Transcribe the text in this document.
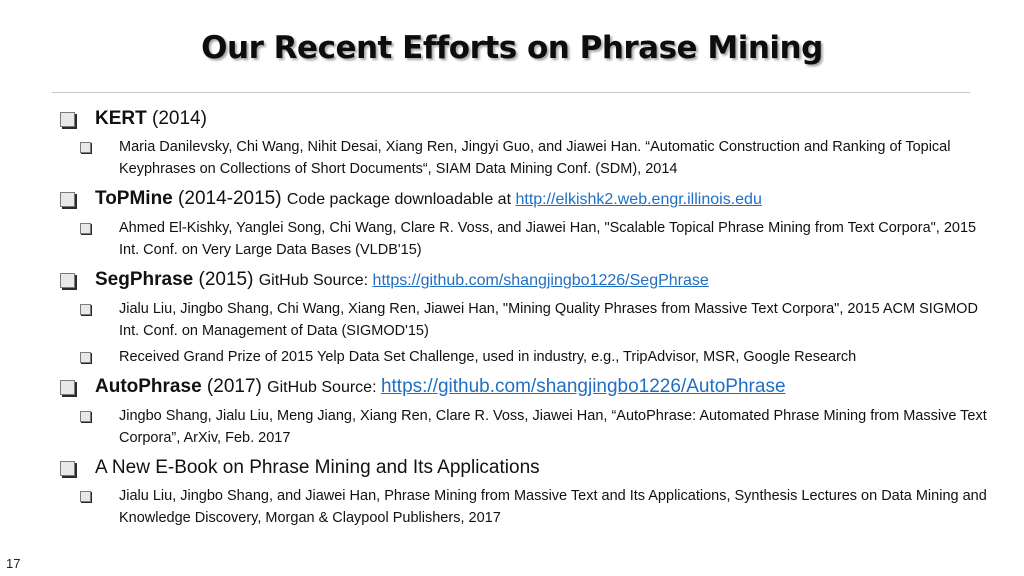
Our Recent Efforts on Phrase Mining
KERT (2014)
Maria Danilevsky, Chi Wang, Nihit Desai, Xiang Ren, Jingyi Guo, and Jiawei Han. “Automatic Construction and Ranking of Topical Keyphrases on Collections of Short Documents“, SIAM Data Mining Conf. (SDM), 2014
ToPMine (2014-2015) Code package downloadable at http://elkishk2.web.engr.illinois.edu
Ahmed El-Kishky, Yanglei Song, Chi Wang, Clare R. Voss, and Jiawei Han, "Scalable Topical Phrase Mining from Text Corpora", 2015 Int. Conf. on Very Large Data Bases (VLDB'15)
SegPhrase (2015) GitHub Source: https://github.com/shangjingbo1226/SegPhrase
Jialu Liu, Jingbo Shang, Chi Wang, Xiang Ren, Jiawei Han, "Mining Quality Phrases from Massive Text Corpora", 2015 ACM SIGMOD Int. Conf. on Management of Data (SIGMOD'15)
Received Grand Prize of 2015 Yelp Data Set Challenge, used in industry, e.g., TripAdvisor, MSR, Google Research
AutoPhrase (2017) GitHub Source: https://github.com/shangjingbo1226/AutoPhrase
Jingbo Shang, Jialu Liu, Meng Jiang, Xiang Ren, Clare R. Voss, Jiawei Han, “AutoPhrase: Automated Phrase Mining from Massive Text Corpora”, ArXiv, Feb. 2017
A New E-Book on Phrase Mining and Its Applications
Jialu Liu, Jingbo Shang, and Jiawei Han, Phrase Mining from Massive Text and Its Applications, Synthesis Lectures on Data Mining and Knowledge Discovery, Morgan & Claypool Publishers, 2017
17
